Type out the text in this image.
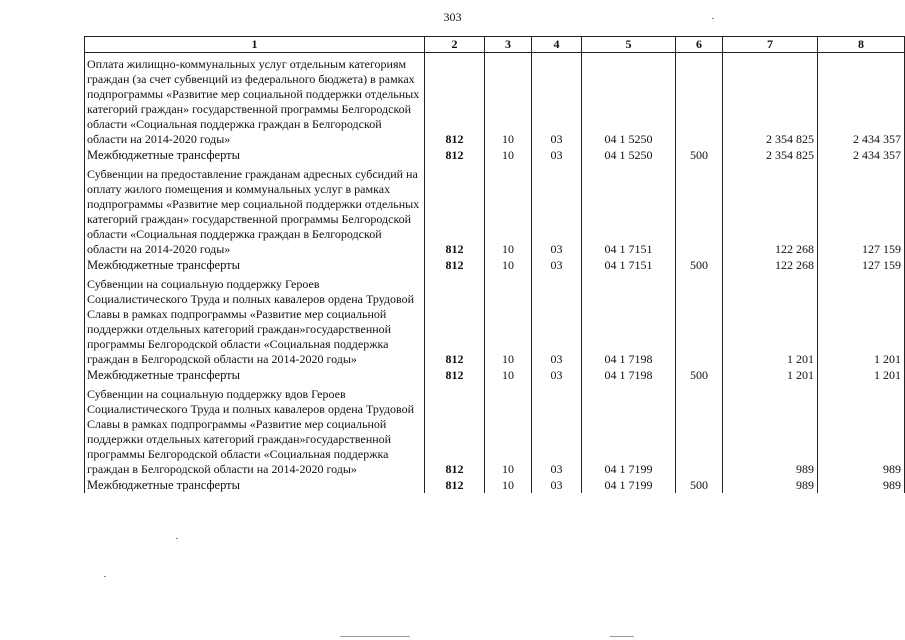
303
1	2	3	4	5	6	7	8
Оплата жилищно-коммунальных услуг отдельным категориям граждан (за счет субвенций из федерального бюджета) в рамках подпрограммы «Развитие мер социальной поддержки отдельных категорий граждан» государственной программы Белгородской области «Социальная поддержка граждан в Белгородской области на 2014-2020 годы»	812	10	03	04 1 5250		2 354 825	2 434 357
Межбюджетные трансферты	812	10	03	04 1 5250	500	2 354 825	2 434 357
Субвенции на предоставление гражданам адресных субсидий на оплату жилого помещения и коммунальных услуг в рамках подпрограммы «Развитие мер социальной поддержки отдельных категорий граждан» государственной программы Белгородской области «Социальная поддержка граждан в Белгородской области на 2014-2020 годы»	812	10	03	04 1 7151		122 268	127 159
Межбюджетные трансферты	812	10	03	04 1 7151	500	122 268	127 159
Субвенции на социальную поддержку Героев Социалистического Труда и полных кавалеров ордена Трудовой Славы в рамках подпрограммы «Развитие мер социальной поддержки отдельных категорий граждан»государственной программы Белгородской области «Социальная поддержка граждан в Белгородской области на 2014-2020 годы»	812	10	03	04 1 7198		1 201	1 201
Межбюджетные трансферты	812	10	03	04 1 7198	500	1 201	1 201
Субвенции на социальную поддержку вдов Героев Социалистического Труда и полных кавалеров ордена Трудовой Славы в рамках подпрограммы «Развитие мер социальной поддержки отдельных категорий граждан»государственной программы Белгородской области «Социальная поддержка граждан в Белгородской области на 2014-2020 годы»	812	10	03	04 1 7199		989	989
Межбюджетные трансферты	812	10	03	04 1 7199	500	989	989
